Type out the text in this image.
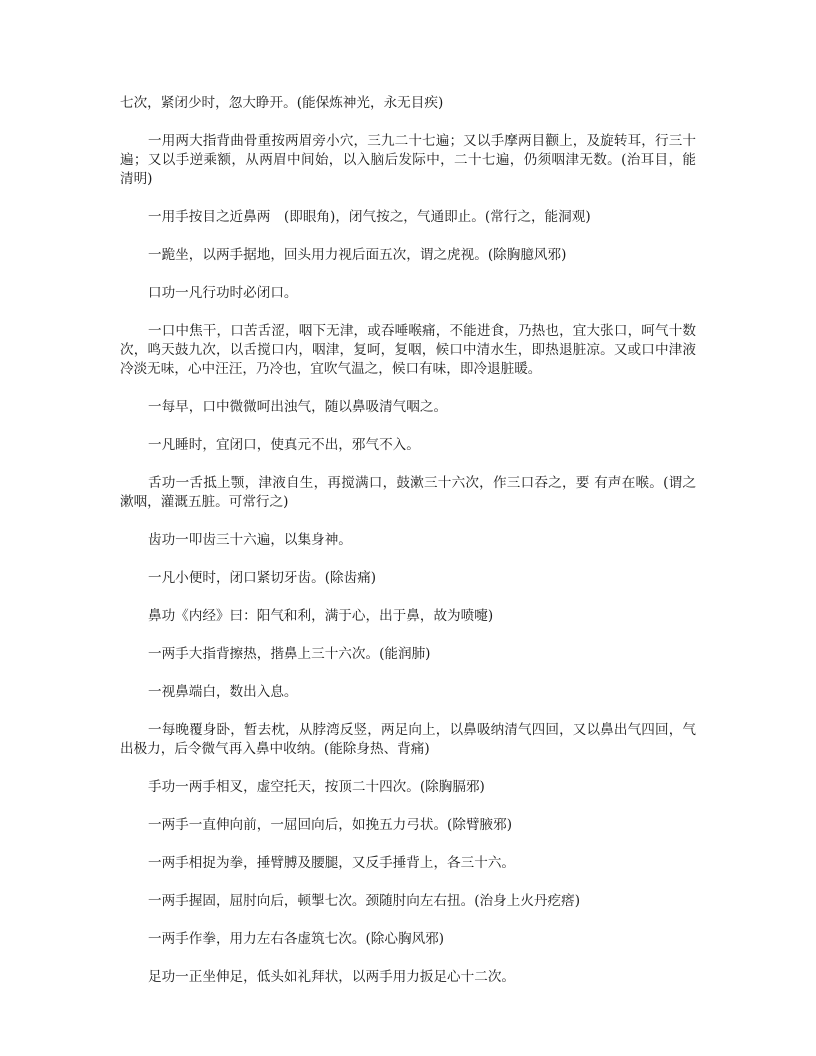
七次，紧闭少时，忽大睁开。(能保炼神光，永无目疾)

一用两大指背曲骨重按两眉旁小穴，三九二十七遍；又以手摩两目颧上，及旋转耳，行三十遍；又以手逆乘额，从两眉中间始，以入脑后发际中，二十七遍，仍须咽津无数。(治耳目，能清明)

一用手按目之近鼻两　(即眼角)，闭气按之，气通即止。(常行之，能洞观)

一跪坐，以两手据地，回头用力视后面五次，谓之虎视。(除胸臆风邪)

口功一凡行功时必闭口。

一口中焦干，口苦舌涩，咽下无津，或吞唾喉痛，不能进食，乃热也，宜大张口，呵气十数次，鸣天鼓九次，以舌搅口内，咽津，复呵，复咽，候口中清水生，即热退脏凉。又或口中津液冷淡无味，心中汪汪，乃冷也，宜吹气温之，候口有味，即冷退脏暖。

一每早，口中微微呵出浊气，随以鼻吸清气咽之。

一凡睡时，宜闭口，使真元不出，邪气不入。

舌功一舌抵上颚，津液自生，再搅满口，鼓漱三十六次，作三口吞之，要 有声在喉。(谓之漱咽，灌溉五脏。可常行之)

齿功一叩齿三十六遍，以集身神。

一凡小便时，闭口紧切牙齿。(除齿痛)

鼻功《内经》曰：阳气和利，满于心，出于鼻，故为喷嚏)

一两手大指背擦热，揩鼻上三十六次。(能润肺)

一视鼻端白，数出入息。

一每晚覆身卧，暂去枕，从脖湾反竖，两足向上，以鼻吸纳清气四回，又以鼻出气四回，气出极力，后令微气再入鼻中收纳。(能除身热、背痛)

手功一两手相叉，虚空托天，按顶二十四次。(除胸膈邪)

一两手一直伸向前，一屈回向后，如挽五力弓状。(除臂腋邪)

一两手相捉为拳，捶臂膊及腰腿，又反手捶背上，各三十六。

一两手握固，屈肘向后，顿掣七次。颈随肘向左右扭。(治身上火丹疙瘩)

一两手作拳，用力左右各虚筑七次。(除心胸风邪)

足功一正坐伸足，低头如礼拜状，以两手用力扳足心十二次。
